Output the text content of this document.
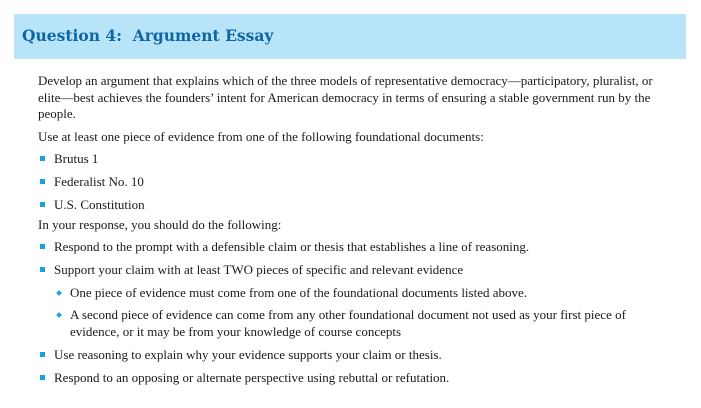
Question 4:  Argument Essay

Develop an argument that explains which of the three models of representative democracy—participatory, pluralist, or elite—best achieves the founders’ intent for American democracy in terms of ensuring a stable government run by the people.

Use at least one piece of evidence from one of the following foundational documents:

Brutus 1
Federalist No. 10
U.S. Constitution

In your response, you should do the following:

Respond to the prompt with a defensible claim or thesis that establishes a line of reasoning.
Support your claim with at least TWO pieces of specific and relevant evidence
One piece of evidence must come from one of the foundational documents listed above.
A second piece of evidence can come from any other foundational document not used as your first piece of evidence, or it may be from your knowledge of course concepts
Use reasoning to explain why your evidence supports your claim or thesis.
Respond to an opposing or alternate perspective using rebuttal or refutation.
